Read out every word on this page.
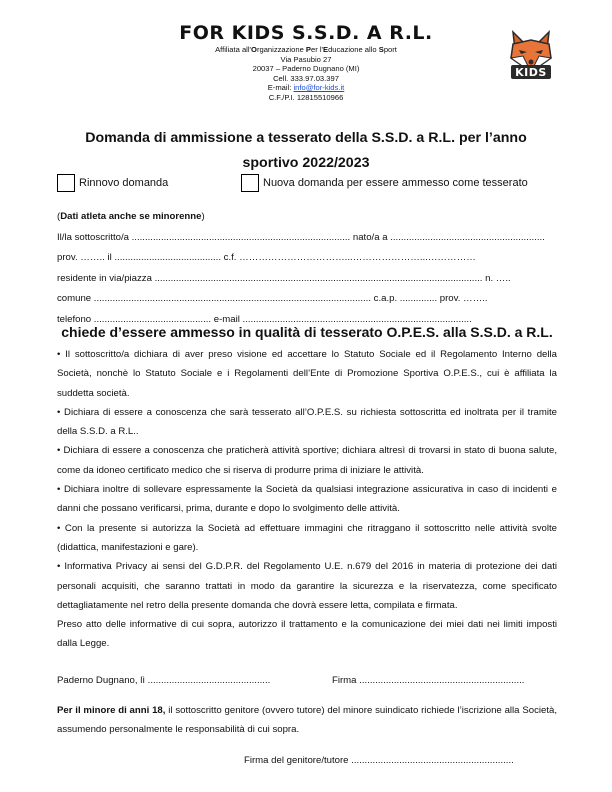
FOR KIDS S.S.D. A R.L.
Affiliata all'Organizzazione Per l'Educazione allo Sport
Via Pasubio 27
20037 – Paderno Dugnano (MI)
Cell. 333.97.03.397
E-mail: info@for-kids.it
C.F./P.I. 12815510966
KIDS
Domanda di ammissione a tesserato della S.S.D. a R.L. per l’anno sportivo 2022/2023
Rinnovo domanda	Nuova domanda per essere ammesso come tesserato
(Dati atleta anche se minorenne)
Il/la sottoscritto/a .................................................................................. nato/a a ..........................................................
prov. …….. il ........................................ c.f. ……………………………...…………………...……………
residente in via/piazza ........................................................................................................................... n. …..
comune ........................................................................................................ c.a.p. .............. prov. ……..
telefono ............................................ e-mail ......................................................................................
chiede d’essere ammesso in qualità di tesserato O.P.E.S. alla S.S.D. a R.L.

• Il sottoscritto/a dichiara di aver preso visione ed accettare lo Statuto Sociale ed il Regolamento Interno della Società, nonchè lo Statuto Sociale e i Regolamenti dell’Ente di Promozione Sportiva O.P.E.S., cui è affiliata la suddetta società.

• Dichiara di essere a conoscenza che sarà tesserato all’O.P.E.S. su richiesta sottoscritta ed inoltrata per il tramite della S.S.D. a R.L..

• Dichiara di essere a conoscenza che praticherà attività sportive; dichiara altresì di trovarsi in stato di buona salute, come da idoneo certificato medico che si riserva di produrre prima di iniziare le attività.

• Dichiara inoltre di sollevare espressamente la Società da qualsiasi integrazione assicurativa in caso di incidenti e danni che possano verificarsi, prima, durante e dopo lo svolgimento delle attività.

• Con la presente si autorizza la Società ad effettuare immagini che ritraggano il sottoscritto nelle attività svolte (didattica, manifestazioni e gare).

• Informativa Privacy ai sensi del G.D.P.R. del Regolamento U.E. n.679 del 2016 in materia di protezione dei dati personali acquisiti, che saranno trattati in modo da garantire la sicurezza e la riservatezza, come specificato dettagliatamente nel retro della presente domanda che dovrà essere letta, compilata e firmata.

Preso atto delle informative di cui sopra, autorizzo il trattamento e la comunicazione dei miei dati nei limiti imposti dalla Legge.

Paderno Dugnano, lì ..............................................	Firma ..............................................................
Per il minore di anni 18, il sottoscritto genitore (ovvero tutore) del minore suindicato richiede l’iscrizione alla Società, assumendo personalmente le responsabilità di cui sopra.
Firma del genitore/tutore .............................................................
